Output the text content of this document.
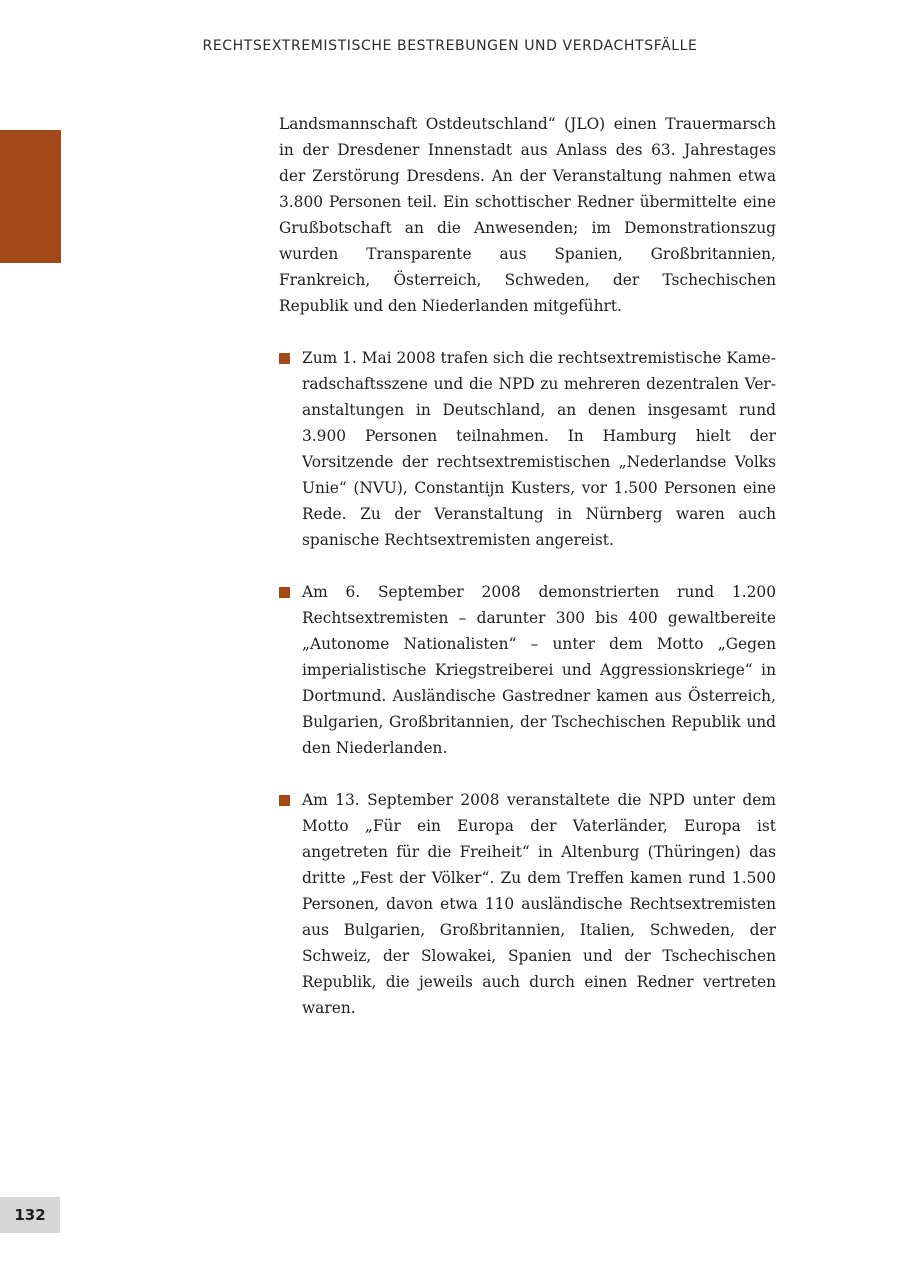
RECHTSEXTREMISTISCHE BESTREBUNGEN UND VERDACHTSFÄLLE

Landsmannschaft Ostdeutschland“ (JLO) einen Trauermarsch in der Dresdener Innenstadt aus Anlass des 63. Jahrestages der Zerstörung Dresdens. An der Veranstaltung nahmen etwa 3.800 Personen teil. Ein schottischer Redner übermittelte eine Grußbotschaft an die Anwesenden; im Demonstrationszug wurden Transparente aus Spanien, Großbritannien, Frankreich, Österreich, Schweden, der Tschechischen Republik und den Niederlanden mitgeführt.

Zum 1. Mai 2008 trafen sich die rechtsextremistische Kameradschaftsszene und die NPD zu mehreren dezentralen Veranstaltungen in Deutschland, an denen insgesamt rund 3.900 Personen teilnahmen. In Hamburg hielt der Vorsitzende der rechtsextremistischen „Nederlandse Volks Unie“ (NVU), Constantijn Kusters, vor 1.500 Personen eine Rede. Zu der Veranstaltung in Nürnberg waren auch spanische Rechtsextremisten angereist.

Am 6. September 2008 demonstrierten rund 1.200 Rechtsextremisten – darunter 300 bis 400 gewaltbereite „Autonome Nationalisten“ – unter dem Motto „Gegen imperialistische Kriegstreiberei und Aggressionskriege“ in Dortmund. Ausländische Gastredner kamen aus Österreich, Bulgarien, Großbritannien, der Tschechischen Republik und den Niederlanden.

Am 13. September 2008 veranstaltete die NPD unter dem Motto „Für ein Europa der Vaterländer, Europa ist angetreten für die Freiheit“ in Altenburg (Thüringen) das dritte „Fest der Völker“. Zu dem Treffen kamen rund 1.500 Personen, davon etwa 110 ausländische Rechtsextremisten aus Bulgarien, Großbritannien, Italien, Schweden, der Schweiz, der Slowakei, Spanien und der Tschechischen Republik, die jeweils auch durch einen Redner vertreten waren.

132
